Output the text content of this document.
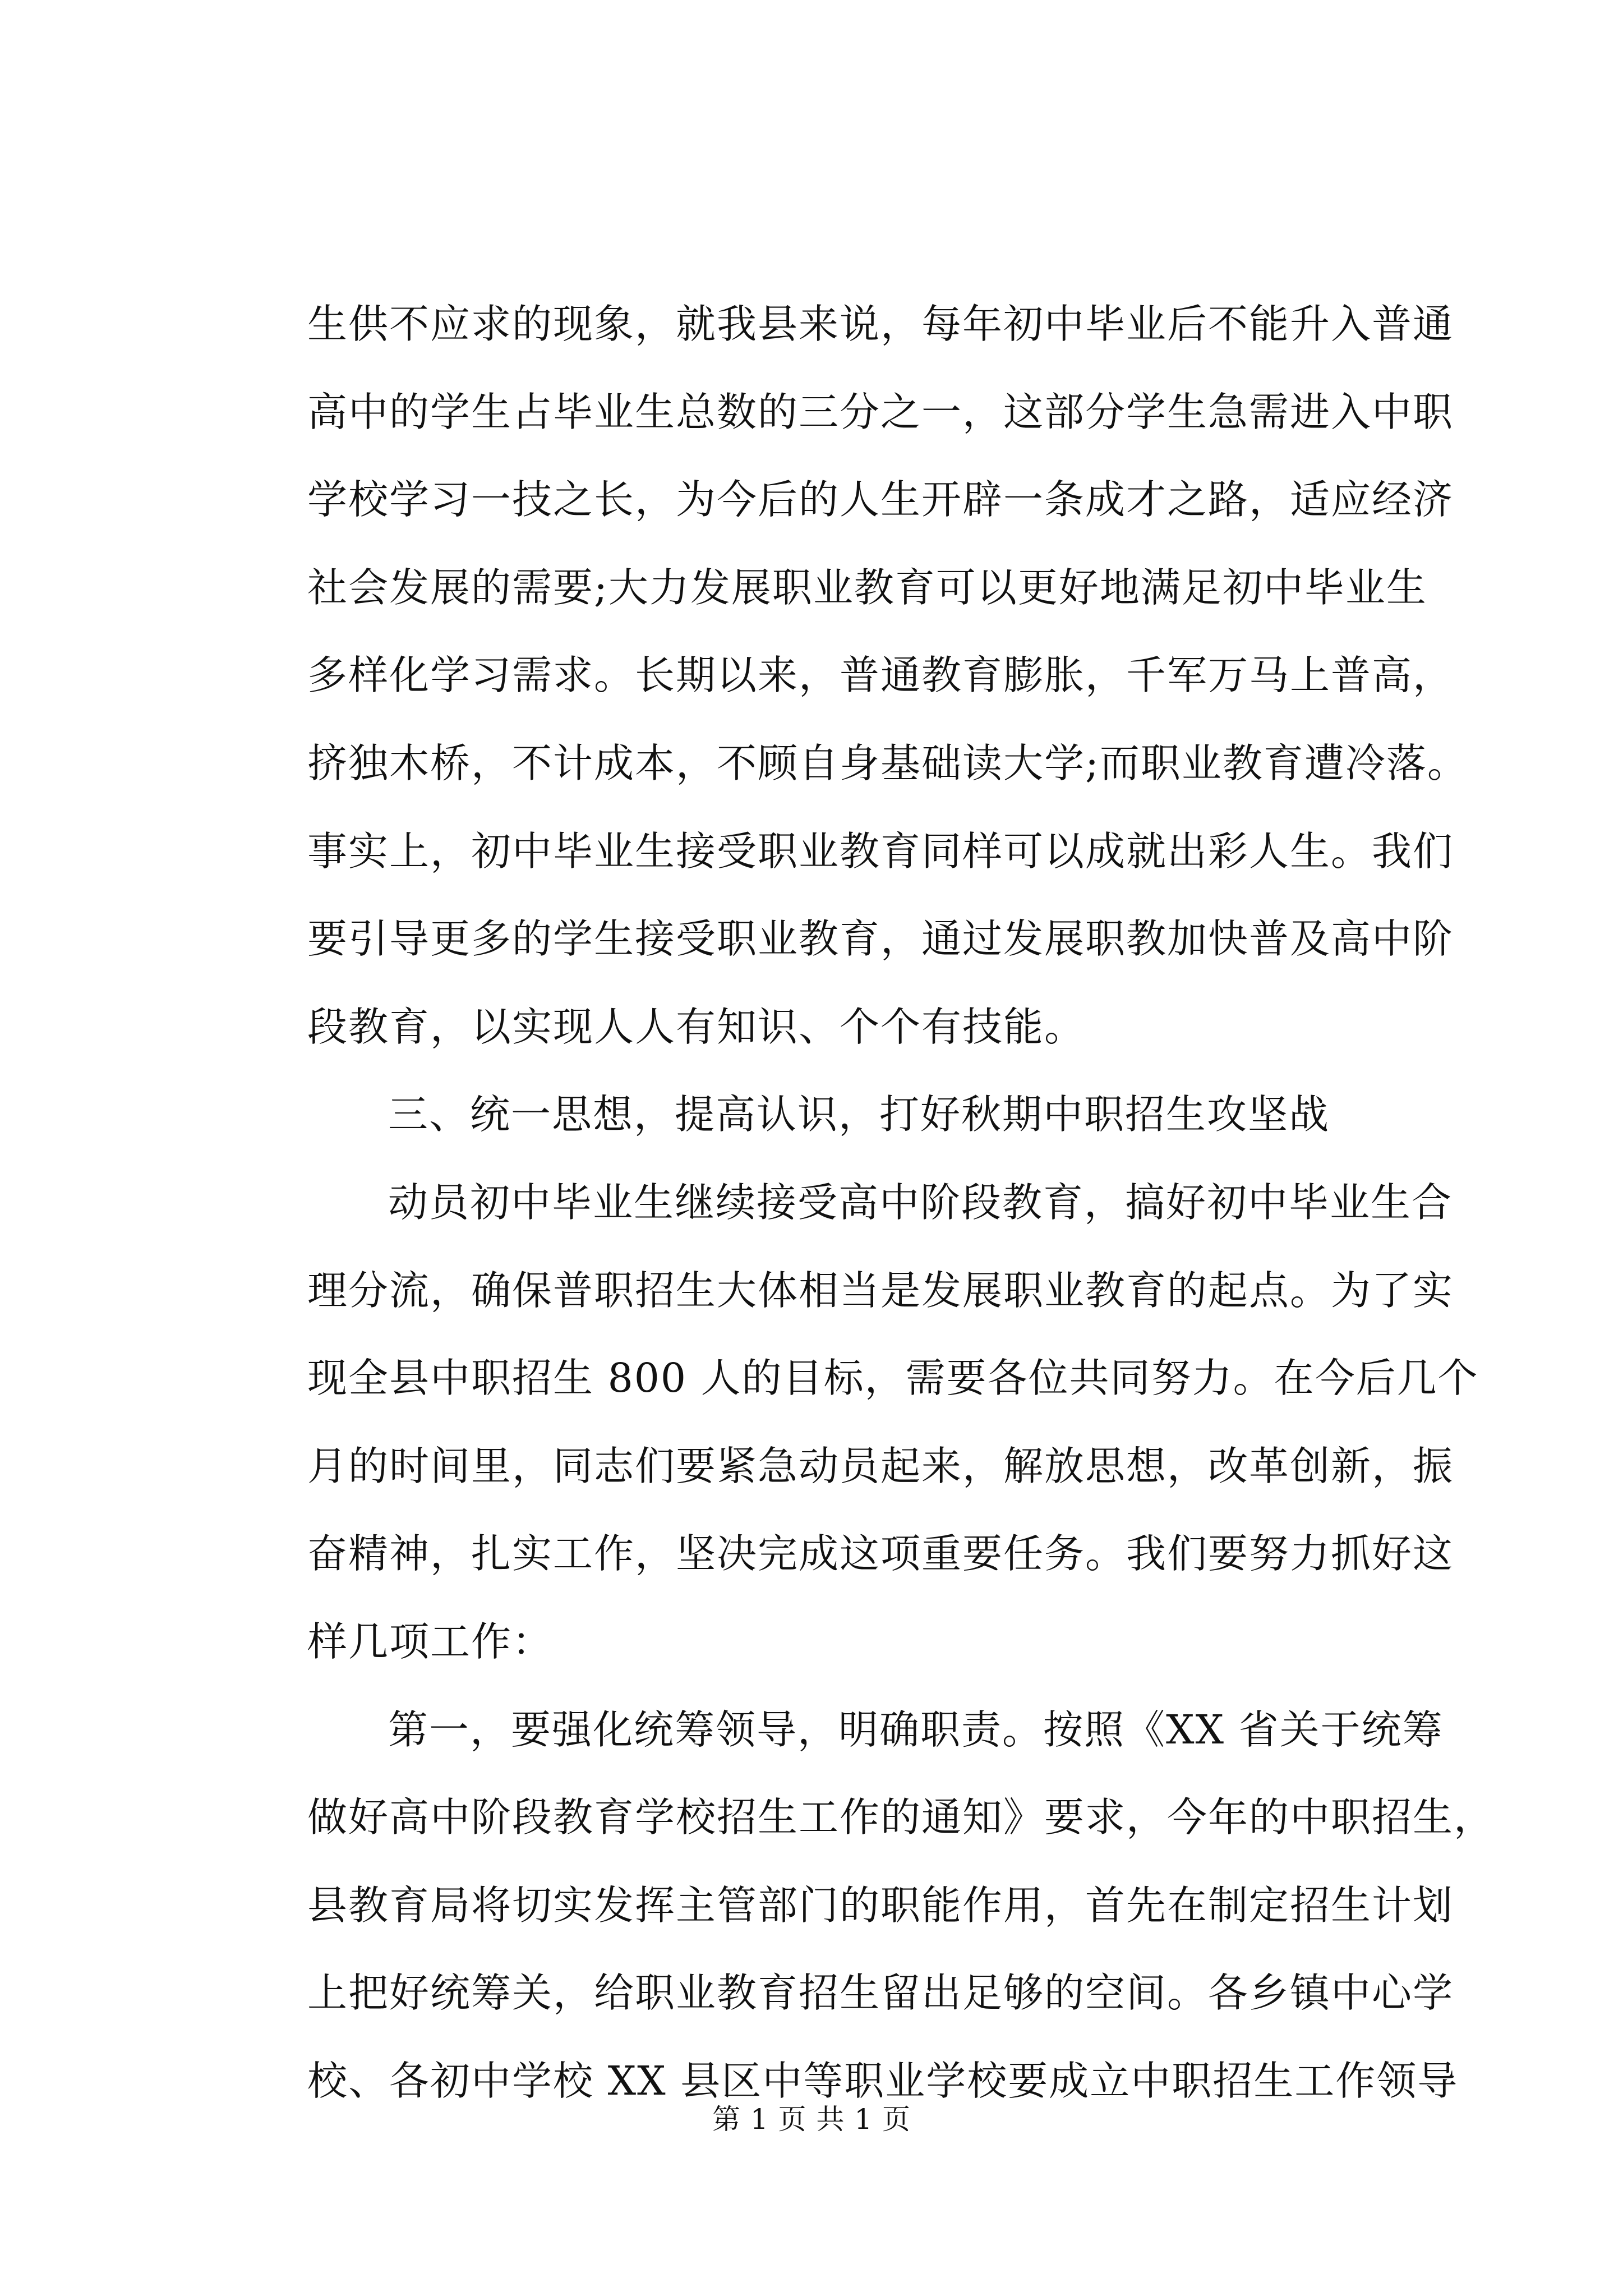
生供不应求的现象，就我县来说，每年初中毕业后不能升入普通
高中的学生占毕业生总数的三分之一，这部分学生急需进入中职
学校学习一技之长，为今后的人生开辟一条成才之路，适应经济
社会发展的需要;大力发展职业教育可以更好地满足初中毕业生
多样化学习需求。长期以来，普通教育膨胀，千军万马上普高，
挤独木桥，不计成本，不顾自身基础读大学;而职业教育遭冷落。
事实上，初中毕业生接受职业教育同样可以成就出彩人生。我们
要引导更多的学生接受职业教育，通过发展职教加快普及高中阶
段教育，以实现人人有知识、个个有技能。
三、统一思想，提高认识，打好秋期中职招生攻坚战
动员初中毕业生继续接受高中阶段教育，搞好初中毕业生合
理分流，确保普职招生大体相当是发展职业教育的起点。为了实
现全县中职招生 800 人的目标，需要各位共同努力。在今后几个
月的时间里，同志们要紧急动员起来，解放思想，改革创新，振
奋精神，扎实工作，坚决完成这项重要任务。我们要努力抓好这
样几项工作：
第一，要强化统筹领导，明确职责。按照《XX 省关于统筹
做好高中阶段教育学校招生工作的通知》要求，今年的中职招生，
县教育局将切实发挥主管部门的职能作用，首先在制定招生计划
上把好统筹关，给职业教育招生留出足够的空间。各乡镇中心学
校、各初中学校 XX 县区中等职业学校要成立中职招生工作领导
第 1 页 共 1 页
